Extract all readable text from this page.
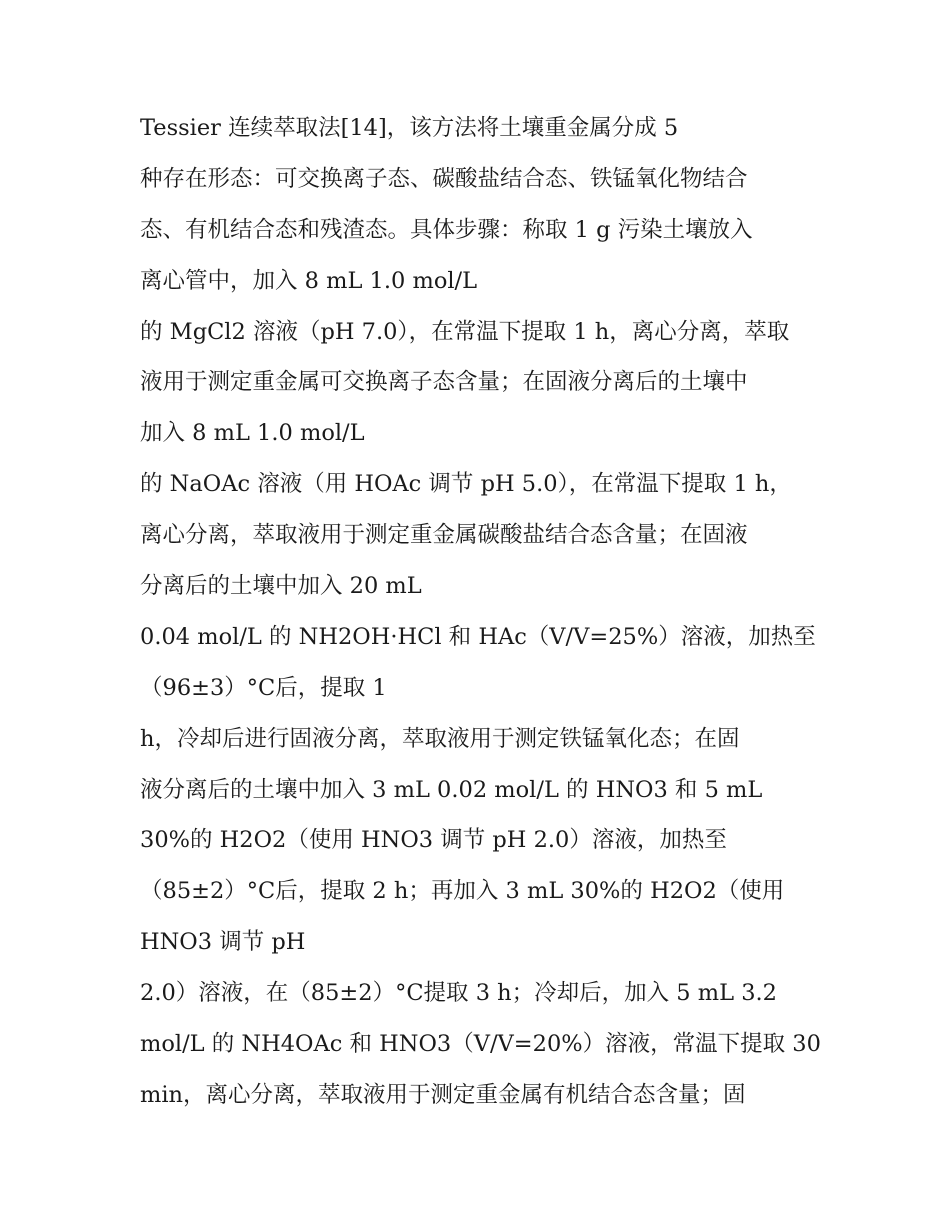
Tessier 连续萃取法[14]，该方法将土壤重金属分成 5
种存在形态：可交换离子态、碳酸盐结合态、铁锰氧化物结合
态、有机结合态和残渣态。具体步骤：称取 1 g 污染土壤放入
离心管中，加入 8 mL 1.0 mol/L
的 MgCl2 溶液（pH 7.0），在常温下提取 1 h，离心分离，萃取
液用于测定重金属可交换离子态含量；在固液分离后的土壤中
加入 8 mL 1.0 mol/L
的 NaOAc 溶液（用 HOAc 调节 pH 5.0），在常温下提取 1 h，
离心分离，萃取液用于测定重金属碳酸盐结合态含量；在固液
分离后的土壤中加入 20 mL
0.04 mol/L 的 NH2OH·HCl 和 HAc（V/V=25%）溶液，加热至
（96±3）°C后，提取 1
h，冷却后进行固液分离，萃取液用于测定铁锰氧化态；在固
液分离后的土壤中加入 3 mL 0.02 mol/L 的 HNO3 和 5 mL
30%的 H2O2（使用 HNO3 调节 pH 2.0）溶液，加热至
（85±2）°C后，提取 2 h；再加入 3 mL 30%的 H2O2（使用
HNO3 调节 pH
2.0）溶液，在（85±2）°C提取 3 h；冷却后，加入 5 mL 3.2
mol/L 的 NH4OAc 和 HNO3（V/V=20%）溶液，常温下提取 30
min，离心分离，萃取液用于测定重金属有机结合态含量；固
